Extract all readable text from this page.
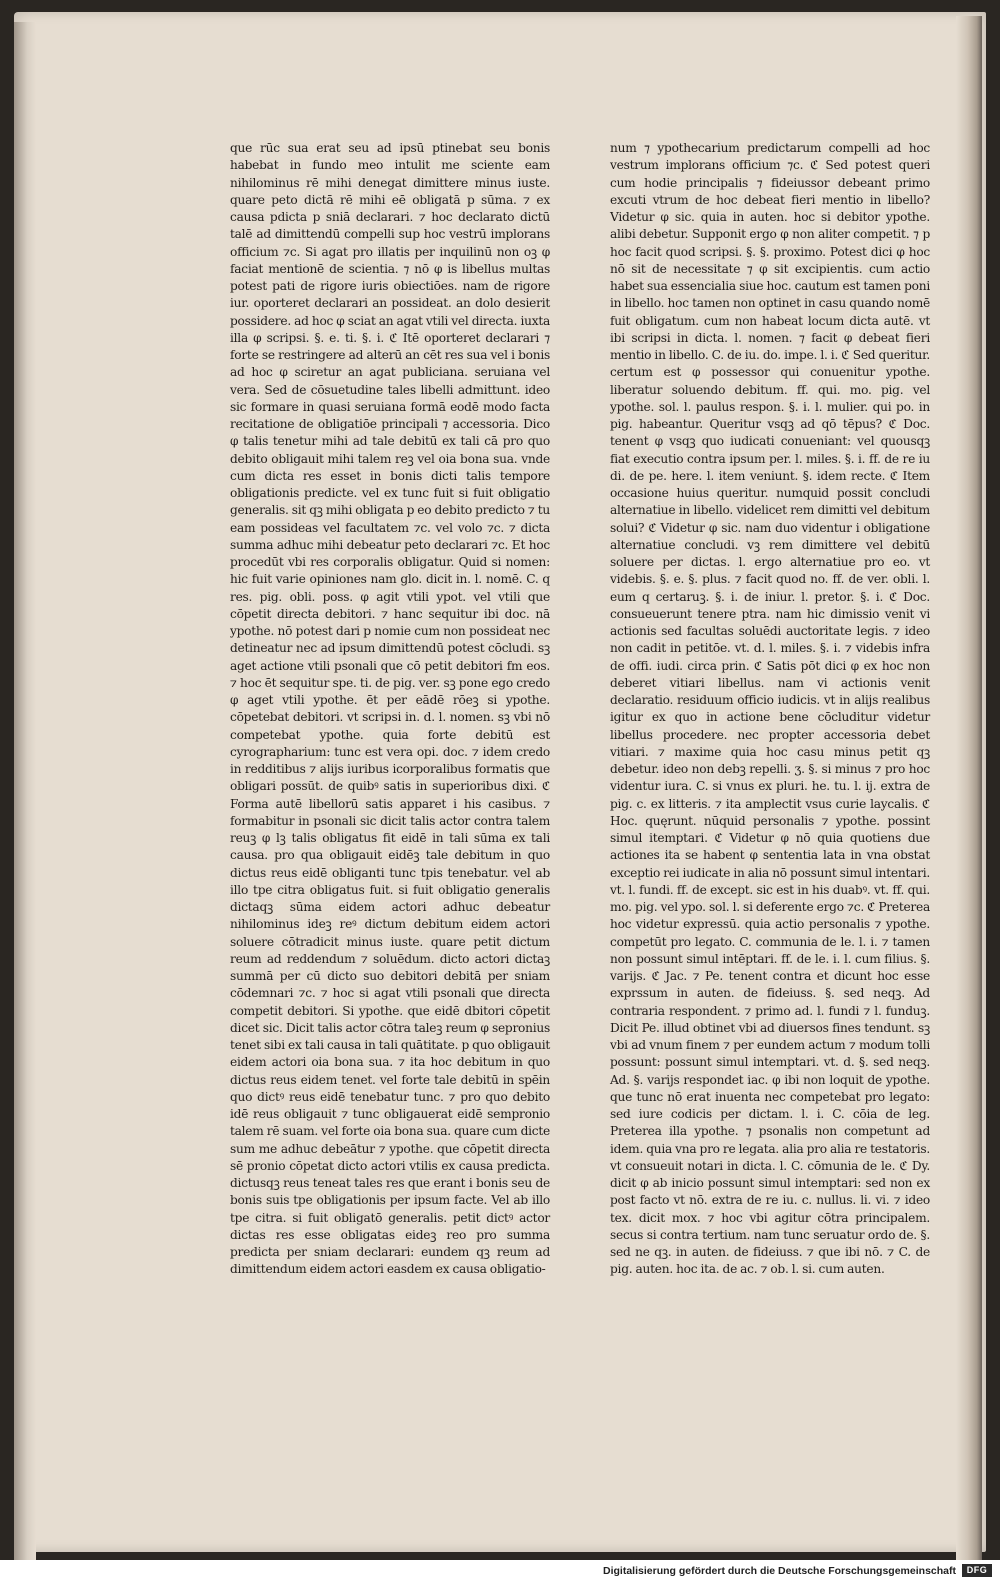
que rūc sua erat seu ad ipsū ptinebat seu bonis habebat in fundo meo intulit me sciente eam nihilominus rē mihi denegat dimittere minus iuste. quare peto dictā rē mihi eē obligatā p sūma. ⁊ ex causa pdicta p sniā declarari. ⁊ hoc declarato dictū talē ad dimittendū compelli sup hoc vestrū implorans officium ⁊c. Si agat pro illatis per inquilinū non oꝫ φ faciat mentionē de scientia. ⁊ nō φ is libellus multas potest pati de rigore iuris obiectiōes. nam de rigore iur. oporteret declarari an possideat. an dolo desierit possidere. ad hoc φ sciat an agat vtili vel directa. iuxta illa φ scripsi. §. e. ti. §. i. ℭ Itē oporteret declarari ⁊ forte se restringere ad alterū an cēt res sua vel i bonis ad hoc φ sciretur an agat publiciana. seruiana vel vera. Sed de cōsuetudine tales libelli admittunt. ideo sic formare in quasi seruiana formā eodē modo facta recitatione de obligatiōe principali ⁊ accessoria. Dico φ talis tenetur mihi ad tale debitū ex tali cā pro quo debito obligauit mihi talem reꝫ vel oia bona sua. vnde cum dicta res esset in bonis dicti talis tempore obligationis predicte. vel ex tunc fuit si fuit obligatio generalis. sit qꝫ mihi obligata p eo debito predicto ⁊ tu eam possideas vel facultatem ⁊c. vel volo ⁊c. ⁊ dicta summa adhuc mihi debeatur peto declarari ⁊c. Et hoc procedūt vbi res corporalis obligatur. Quid si nomen: hic fuit varie opiniones nam glo. dicit in. l. nomē. C. q res. pig. obli. poss. φ agit vtili ypot. vel vtili que cōpetit directa debitori. ⁊ hanc sequitur ibi doc. nā ypothe. nō potest dari p nomie cum non possideat nec detineatur nec ad ipsum dimittendū potest cōcludi. sꝫ aget actione vtili psonali que cō petit debitori fm eos. ⁊ hoc ēt sequitur spe. ti. de pig. ver. sꝫ pone ego credo φ aget vtili ypothe. ēt per eādē rōeꝫ si ypothe. cōpetebat debitori. vt scripsi in. d. l. nomen. sꝫ vbi nō competebat ypothe. quia forte debitū est cyrographarium: tunc est vera opi. doc. ⁊ idem credo in redditibus ⁊ alijs iuribus icorporalibus formatis que obligari possūt. de quibꝰ satis in superioribus dixi. ℭ Forma autē libellorū satis apparet i his casibus. ⁊ formabitur in psonali sic dicit talis actor contra talem reuꝫ φ lꝫ talis obligatus fit eidē in tali sūma ex tali causa. pro qua obligauit eidēꝫ tale debitum in quo dictus reus eidē obliganti tunc tpis tenebatur. vel ab illo tpe citra obligatus fuit. si fuit obligatio generalis dictaqꝫ sūma eidem actori adhuc debeatur nihilominus ideꝫ reꝰ dictum debitum eidem actori soluere cōtradicit minus iuste. quare petit dictum reum ad reddendum ⁊ soluēdum. dicto actori dictaꝫ summā per cū dicto suo debitori debitā per sniam cōdemnari ⁊c. ⁊ hoc si agat vtili psonali que directa competit debitori. Si ypothe. que eidē dbitori cōpetit dicet sic. Dicit talis actor cōtra taleꝫ reum φ sepronius tenet sibi ex tali causa in tali quātitate. p quo obligauit eidem actori oia bona sua. ⁊ ita hoc debitum in quo dictus reus eidem tenet. vel forte tale debitū in spēin quo dictꝰ reus eidē tenebatur tunc. ⁊ pro quo debito idē reus obligauit ⁊ tunc obligauerat eidē sempronio talem rē suam. vel forte oia bona sua. quare cum dicte sum me adhuc debeātur ⁊ ypothe. que cōpetit directa sē pronio cōpetat dicto actori vtilis ex causa predicta. dictusqꝫ reus teneat tales res que erant i bonis seu de bonis suis tpe obligationis per ipsum facte. Vel ab illo tpe citra. si fuit obligatō generalis. petit dictꝰ actor dictas res esse obligatas eideꝫ reo pro summa predicta per sniam declarari: eundem qꝫ reum ad dimittendum eidem actori easdem ex causa obligatio-

num ⁊ ypothecarium predictarum compelli ad hoc vestrum implorans officium ⁊c. ℭ Sed potest queri cum hodie principalis ⁊ fideiussor debeant primo excuti vtrum de hoc debeat fieri mentio in libello? Videtur φ sic. quia in auten. hoc si debitor ypothe. alibi debetur. Supponit ergo φ non aliter competit. ⁊ p hoc facit quod scripsi. §. §. proximo. Potest dici φ hoc nō sit de necessitate ⁊ φ sit excipientis. cum actio habet sua essencialia siue hoc. cautum est tamen poni in libello. hoc tamen non optinet in casu quando nomē fuit obligatum. cum non habeat locum dicta autē. vt ibi scripsi in dicta. l. nomen. ⁊ facit φ debeat fieri mentio in libello. C. de iu. do. impe. l. i. ℭ Sed queritur. certum est φ possessor qui conuenitur ypothe. liberatur soluendo debitum. ff. qui. mo. pig. vel ypothe. sol. l. paulus respon. §. i. l. mulier. qui po. in pig. habeantur. Queritur vsqꝫ ad qō tēpus? ℭ Doc. tenent φ vsqꝫ quo iudicati conueniant: vel quousqꝫ fiat executio contra ipsum per. l. miles. §. i. ff. de re iu di. de pe. here. l. item veniunt. §. idem recte. ℭ Item occasione huius queritur. numquid possit concludi alternatiue in libello. videlicet rem dimitti vel debitum solui? ℭ Videtur φ sic. nam duo videntur i obligatione alternatiue concludi. vꝫ rem dimittere vel debitū soluere per dictas. l. ergo alternatiue pro eo. vt videbis. §. e. §. plus. ⁊ facit quod no. ff. de ver. obli. l. eum q certaruꝫ. §. i. de iniur. l. pretor. §. i. ℭ Doc. consueuerunt tenere ptra. nam hic dimissio venit vi actionis sed facultas soluēdi auctoritate legis. ⁊ ideo non cadit in petitōe. vt. d. l. miles. §. i. ⁊ videbis infra de offi. iudi. circa prin. ℭ Satis pōt dici φ ex hoc non deberet vitiari libellus. nam vi actionis venit declaratio. residuum officio iudicis. vt in alijs realibus igitur ex quo in actione bene cōcluditur videtur libellus procedere. nec propter accessoria debet vitiari. ⁊ maxime quia hoc casu minus petit qꝫ debetur. ideo non debꝫ repelli. ʒ. §. si minus ⁊ pro hoc videntur iura. C. si vnus ex pluri. he. tu. l. ij. extra de pig. c. ex litteris. ⁊ ita amplectit vsus curie laycalis. ℭ Hoc. quęrunt. nūquid personalis ⁊ ypothe. possint simul itemptari. ℭ Videtur φ nō quia quotiens due actiones ita se habent φ sententia lata in vna obstat exceptio rei iudicate in alia nō possunt simul intentari. vt. l. fundi. ff. de except. sic est in his duabꝰ. vt. ff. qui. mo. pig. vel ypo. sol. l. si deferente ergo ⁊c. ℭ Preterea hoc videtur expressū. quia actio personalis ⁊ ypothe. competūt pro legato. C. communia de le. l. i. ⁊ tamen non possunt simul intēptari. ff. de le. i. l. cum filius. §. varijs. ℭ Jac. ⁊ Pe. tenent contra et dicunt hoc esse exprssum in auten. de fideiuss. §. sed neqꝫ. Ad contraria respondent. ⁊ primo ad. l. fundi ⁊ l. funduꝫ. Dicit Pe. illud obtinet vbi ad diuersos fines tendunt. sꝫ vbi ad vnum finem ⁊ per eundem actum ⁊ modum tolli possunt: possunt simul intemptari. vt. d. §. sed neqꝫ. Ad. §. varijs respondet iac. φ ibi non loquit de ypothe. que tunc nō erat inuenta nec competebat pro legato: sed iure codicis per dictam. l. i. C. cōia de leg. Preterea illa ypothe. ⁊ psonalis non competunt ad idem. quia vna pro re legata. alia pro alia re testatoris. vt consueuit notari in dicta. l. C. cōmunia de le. ℭ Dy. dicit φ ab inicio possunt simul intemptari: sed non ex post facto vt nō. extra de re iu. c. nullus. li. vi. ⁊ ideo tex. dicit mox. ⁊ hoc vbi agitur cōtra principalem. secus si contra tertium. nam tunc seruatur ordo de. §. sed ne qꝫ. in auten. de fideiuss. ⁊ que ibi nō. ⁊ C. de pig. auten. hoc ita. de ac. ⁊ ob. l. si. cum auten.

Digitalisierung gefördert durch die Deutsche Forschungsgemeinschaft	DFG
